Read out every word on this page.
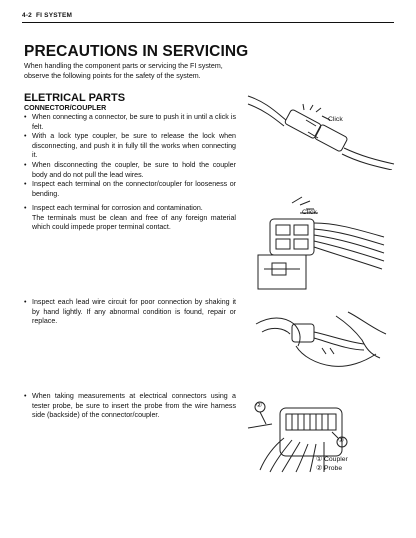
4-2 FI SYSTEM
PRECAUTIONS IN SERVICING
When handling the component parts or servicing the FI system, observe the following points for the safety of the system.
ELETRICAL PARTS
CONNECTOR/COUPLER
• When connecting a connector, be sure to push it in until a click is felt.
• With a lock type coupler, be sure to release the lock when disconnecting, and push it in fully till the works when connecting it.
• When disconnecting the coupler, be sure to hold the coupler body and do not pull the lead wires.
• Inspect each terminal on the connector/coupler for looseness or bending.
• Inspect each terminal for corrosion and contamination.
The terminals must be clean and free of any foreign material which could impede proper terminal contact.
• Inspect each lead wire circuit for poor connection by shaking it by hand lightly. If any abnormal condition is found, repair or replace.
• When taking measurements at electrical connectors using a tester probe, be sure to insert the probe from the wire harness side (backside) of the connector/coupler.
Click
Click
②
①
① Coupler
② Probe
